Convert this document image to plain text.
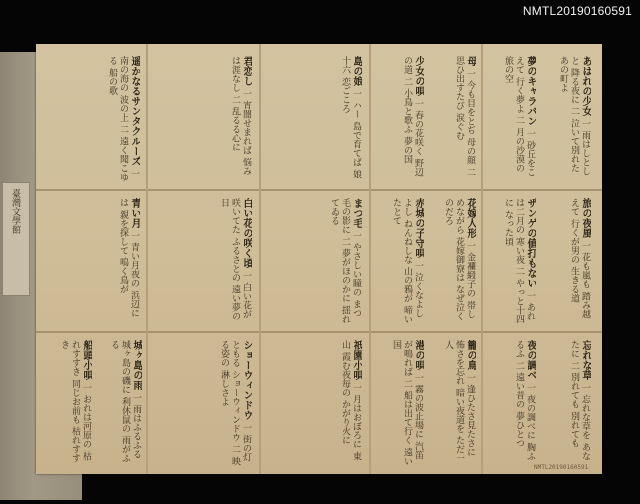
NMTL20190160591
あはれの少女 一 雨はしとしと 降る夜に 二 泣いて別れた あの町よ
夢のキャラバン 一 砂丘をこえて 行く夢よ 二 月の沙漠の 旅の空
母 一 今も目をとぢ 母の顔 二 思ひ出すたび 涙ぐむ
少女の唄 一 春の花咲く 野辺の道 二 小鳥と歌ふ 夢の国
島の娘 一 ハー 島で育てば 娘十六 恋ごころ
君恋し 一 宵闇せまれば 悩みは涯なし 二 乱るる心に
遥かなるサンタクルーズ 一 南の海の 波の上 二 遠く聞こゆる 船の歌
旅の夜風 一 花も嵐も 踏み越えて 行くが男の 生きる道
ザンゲの値打もない 一 あれは二月の 寒い夜 二 やっと十四に なった頃
花嫁人形 一 金襴緞子の 帯しめながら 花嫁御寮は なぜ泣くのだろ
赤城の子守唄 一 泣くなよしよし ねんねしな 山の鴉が 啼いたとて
まつ毛 一 やさしい瞳の まつ毛の影に 二 夢がほのかに 揺れてゐる
白い花の咲く頃 一 白い花が 咲いてた ふるさとの 遠い夢の日
青い月 一 青い月夜の 浜辺には 親を探して 鳴く鳥が
忘れな草 一 忘れな草を あなたに 二 別れても 別れても
夜の調べ 一 夜の調べに 胸ふるふ 二 遠い昔の 夢ひとつ
籠の鳥 一 逢ひたさ見たさに 怖さを忘れ 暗い夜道を ただ一人
港の唄 一 霧の波止場に 汽笛が鳴れば 二 船は出て行く 遠い国
祇園小唄 一 月はおぼろに 東山 霞む夜毎の かがり火に
ショーウィンドウ 一 街の灯ともる ショーウィンドウ 二 映る姿の 淋しさよ
城ヶ島の雨 一 雨はふるふる 城ヶ島の磯に 利休鼠の 雨がふる
船頭小唄 一 おれは河原の 枯れすすき 同じお前も 枯れすすき
臺灣文學館
NMTL20190160591
